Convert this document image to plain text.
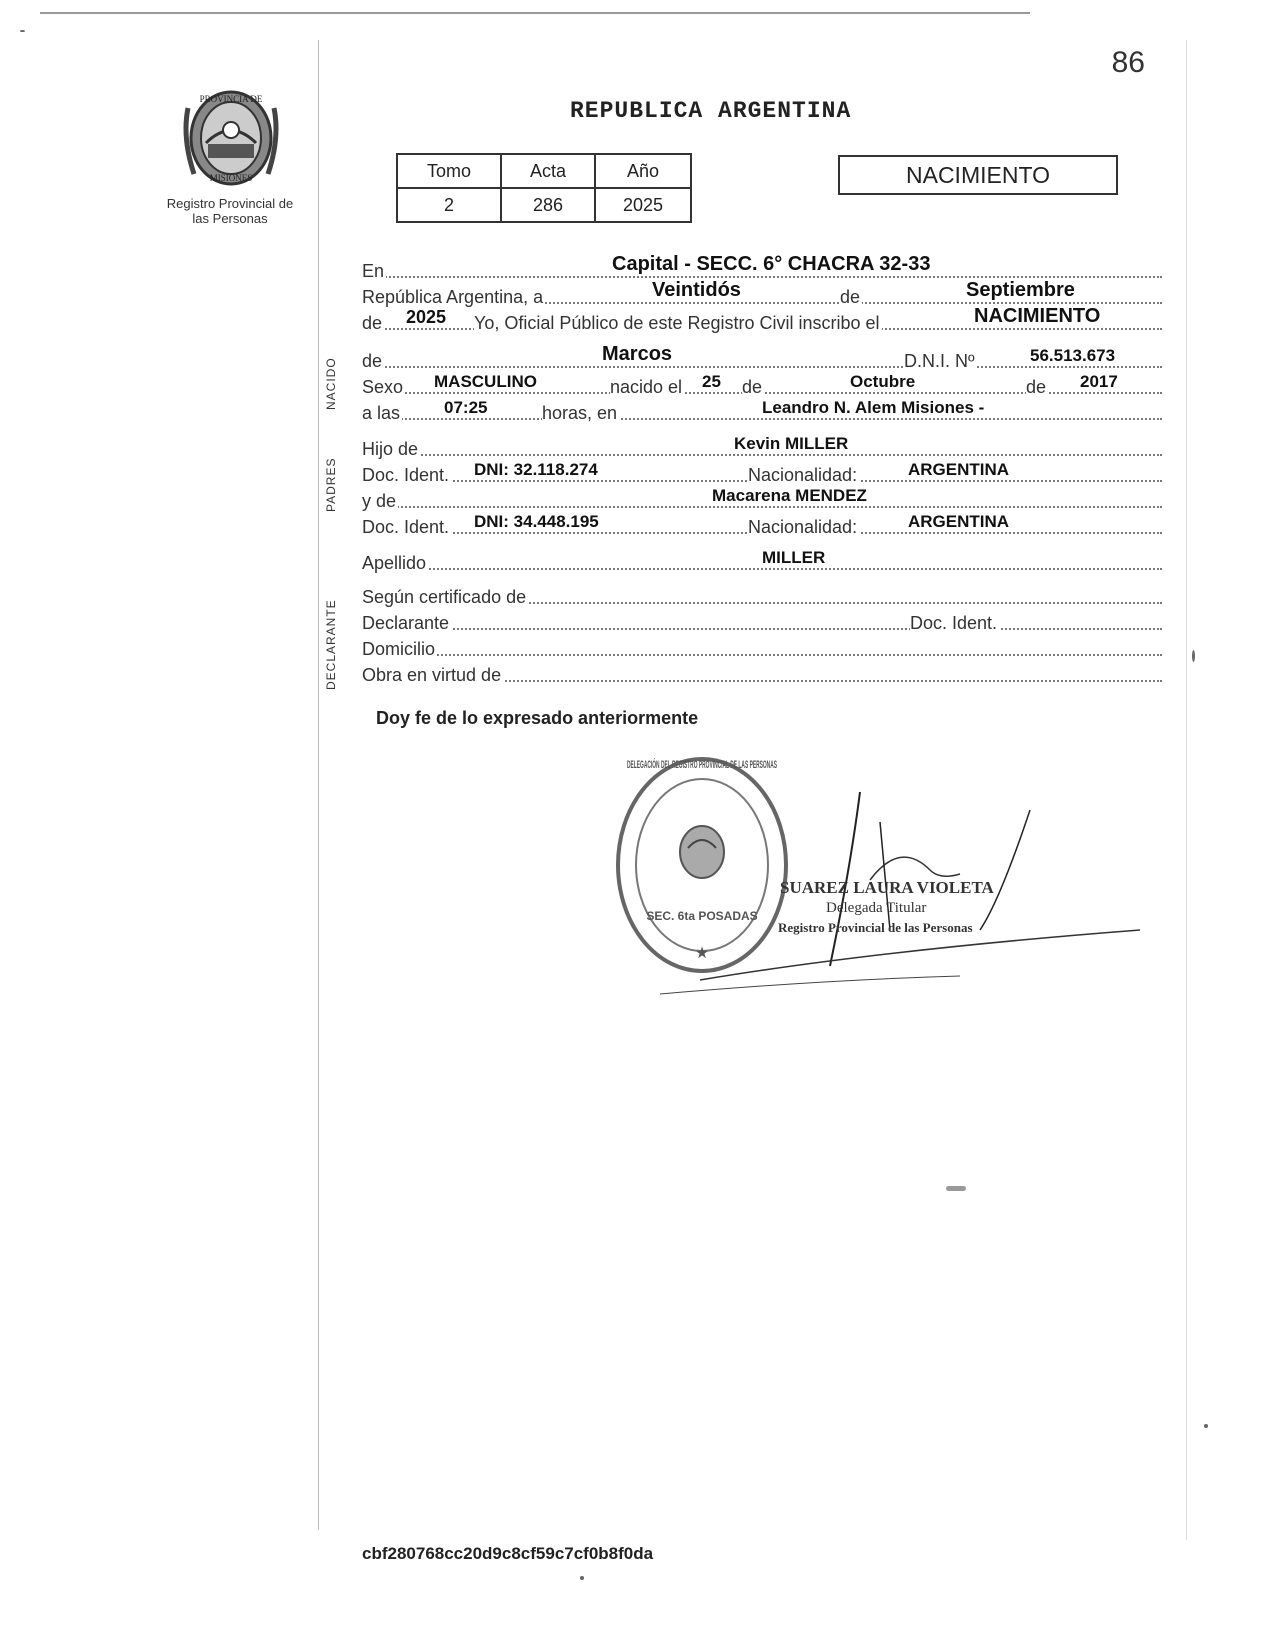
86
PROVINCIA DE
MISIONES
Registro Provincial de las Personas
REPUBLICA ARGENTINA
Tomo	Acta	Año
2	286	2025
NACIMIENTO
NACIDO
PADRES
DECLARANTE
En	Capital - SECC. 6° CHACRA 32-33
República Argentina, a	Veintidós	de	Septiembre
de 2025 Yo, Oficial Público de este Registro Civil inscribo el	NACIMIENTO
de	Marcos	D.N.I. Nº	56.513.673
Sexo MASCULINO	nacido el 25 de	Octubre	de 2017
a las	07:25	horas, en	Leandro N. Alem Misiones -
Hijo de	Kevin MILLER
Doc. Ident. DNI: 32.118.274	Nacionalidad:	ARGENTINA
y de	Macarena MENDEZ
Doc. Ident. DNI: 34.448.195	Nacionalidad:	ARGENTINA
Apellido	MILLER
Según certificado de
Declarante	Doc. Ident.
Domicilio
Obra en virtud de
Doy fe de lo expresado anteriormente
DELEGACIÓN DEL REGISTRO PROVINCIAL DE LAS PERSONAS
SEC. 6ta POSADAS
★
SUAREZ LAURA VIOLETA
Delegada Titular
Registro Provincial de las Personas
cbf280768cc20d9c8cf59c7cf0b8f0da
